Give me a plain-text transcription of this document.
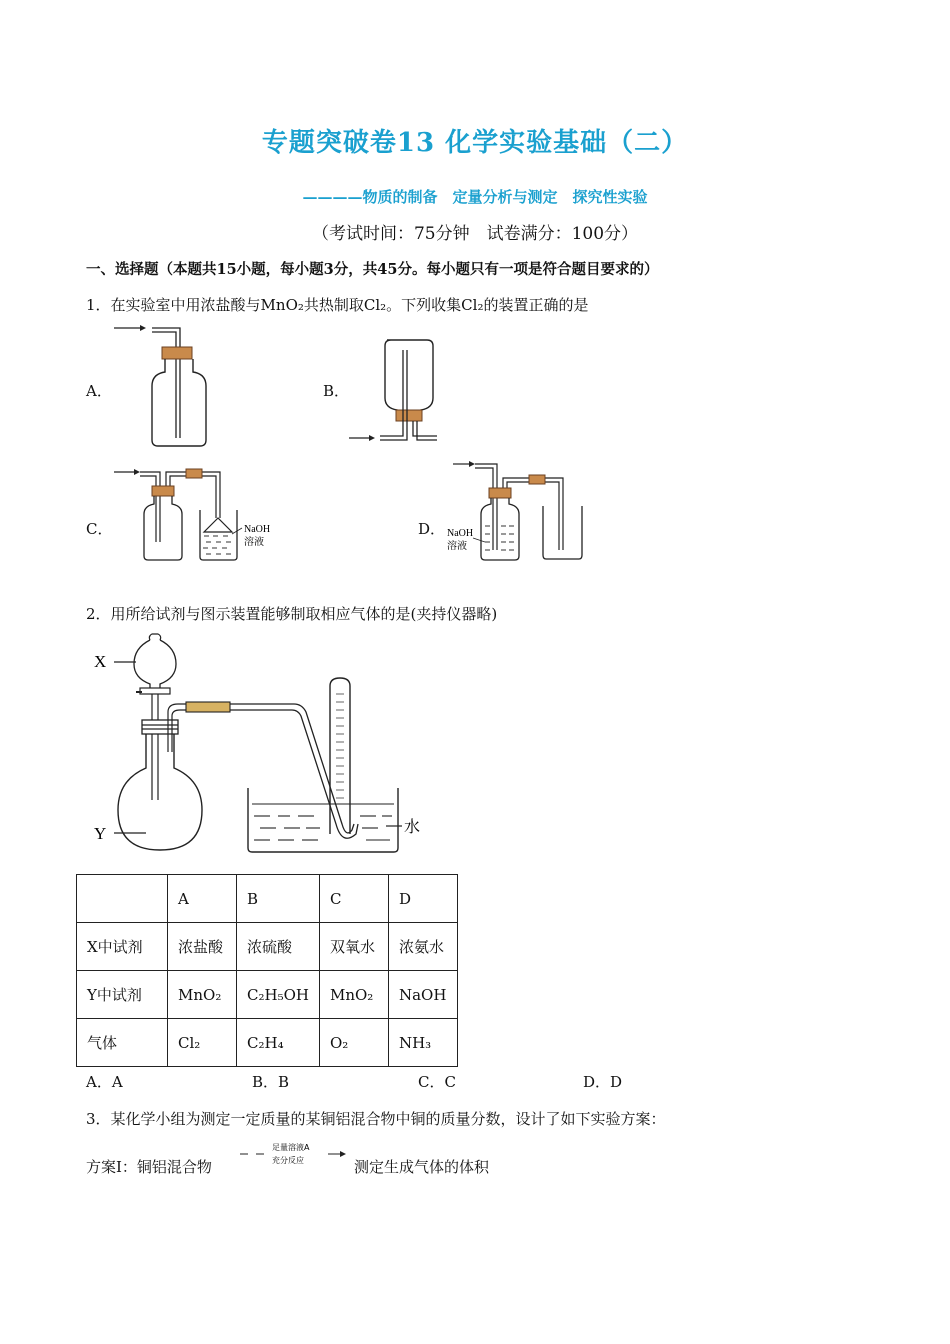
专题突破卷13 化学实验基础（二）
————物质的制备　定量分析与测定　探究性实验
（考试时间：75分钟　试卷满分：100分）
一、选择题（本题共15小题，每小题3分，共45分。每小题只有一项是符合题目要求的）
1．在实验室中用浓盐酸与MnO₂共热制取Cl₂。下列收集Cl₂的装置正确的是
A．	B．
C．	D．
NaOH
溶液
NaOH
溶液
2．用所给试剂与图示装置能够制取相应气体的是(夹持仪器略)
X
Y	水
	A	B	C	D
X中试剂	浓盐酸	浓硫酸	双氧水	浓氨水
Y中试剂	MnO₂	C₂H₅OH	MnO₂	NaOH
气体	Cl₂	C₂H₄	O₂	NH₃
A．A	B．B	C．C	D．D
3．某化学小组为测定一定质量的某铜铝混合物中铜的质量分数，设计了如下实验方案：
方案Ⅰ：铜铝混合物
足量溶液A
充分反应	测定生成气体的体积
